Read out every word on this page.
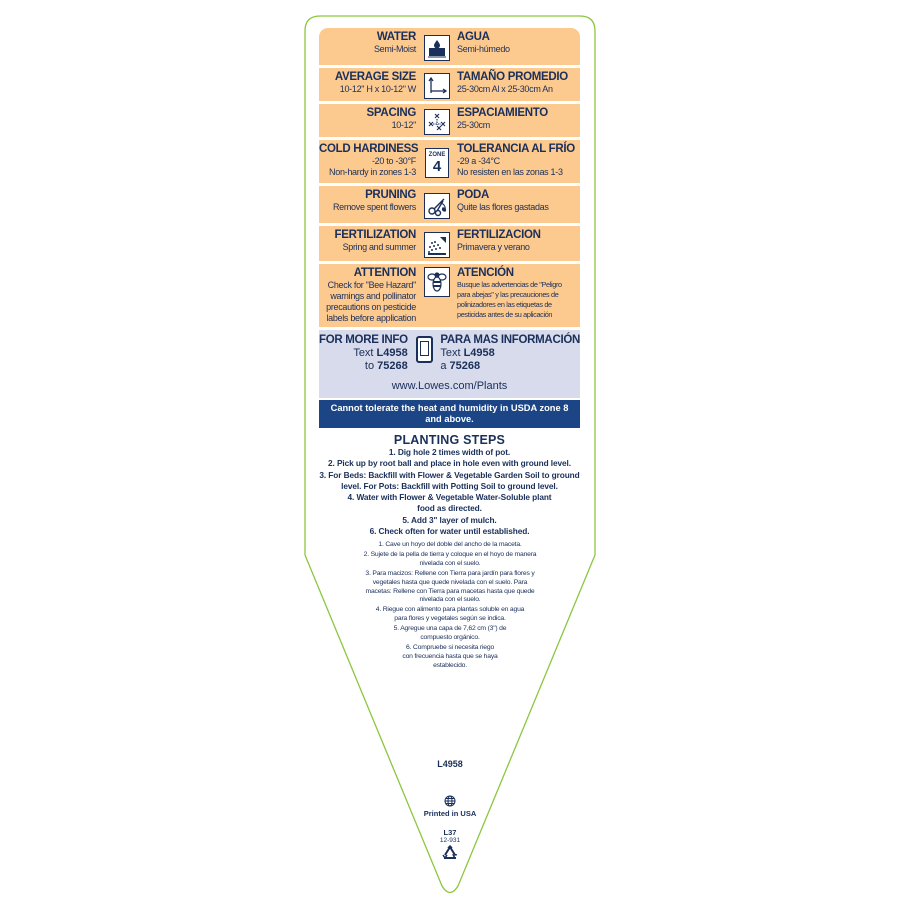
WATER
Semi-Moist
AGUA
Semi-húmedo
AVERAGE SIZE
10-12" H x 10-12" W
TAMAÑO PROMEDIO
25-30cm Al x 25-30cm An
SPACING
10-12"
ESPACIAMIENTO
25-30cm
COLD HARDINESS
-20 to -30°F
Non-hardy in zones 1-3
ZONE
4
TOLERANCIA AL FRÍO
-29 a -34°C
No resisten en las zonas 1-3
PRUNING
Remove spent flowers
PODA
Quite las flores gastadas
FERTILIZATION
Spring and summer
FERTILIZACION
Primavera y verano
ATTENTION
Check for "Bee Hazard"
warnings and pollinator
precautions on pesticide
labels before application
ATENCIÓN
Busque las advertencias de "Peligro
para abejas" y las precauciones de
polinizadores en las etiquetas de
pesticidas antes de su aplicación
FOR MORE INFO
Text L4958
to 75268
PARA MAS INFORMACIÓN
Text L4958
a 75268
www.Lowes.com/Plants
Cannot tolerate the heat and humidity in USDA zone 8 and above.
PLANTING STEPS
1. Dig hole 2 times width of pot.
2. Pick up by root ball and place in hole even with ground level.
3. For Beds: Backfill with Flower & Vegetable Garden Soil to ground level. For Pots: Backfill with Potting Soil to ground level.
4. Water with Flower & Vegetable Water-Soluble plant food as directed.
5. Add 3" layer of mulch.
6. Check often for water until established.
1. Cave un hoyo del doble del ancho de la maceta.
2. Sujete de la pella de tierra y coloque en el hoyo de manera nivelada con el suelo.
3. Para macizos: Rellene con Tierra para jardín para flores y vegetales hasta que quede nivelada con el suelo. Para macetas: Rellene con Tierra para macetas hasta que quede nivelada con el suelo.
4. Riegue con alimento para plantas soluble en agua para flores y vegetales según se indica.
5. Agregue una capa de 7,62 cm (3") de compuesto orgánico.
6. Compruebe si necesita riego con frecuencia hasta que se haya establecido.
L4958
Printed in USA
L37
12-931
